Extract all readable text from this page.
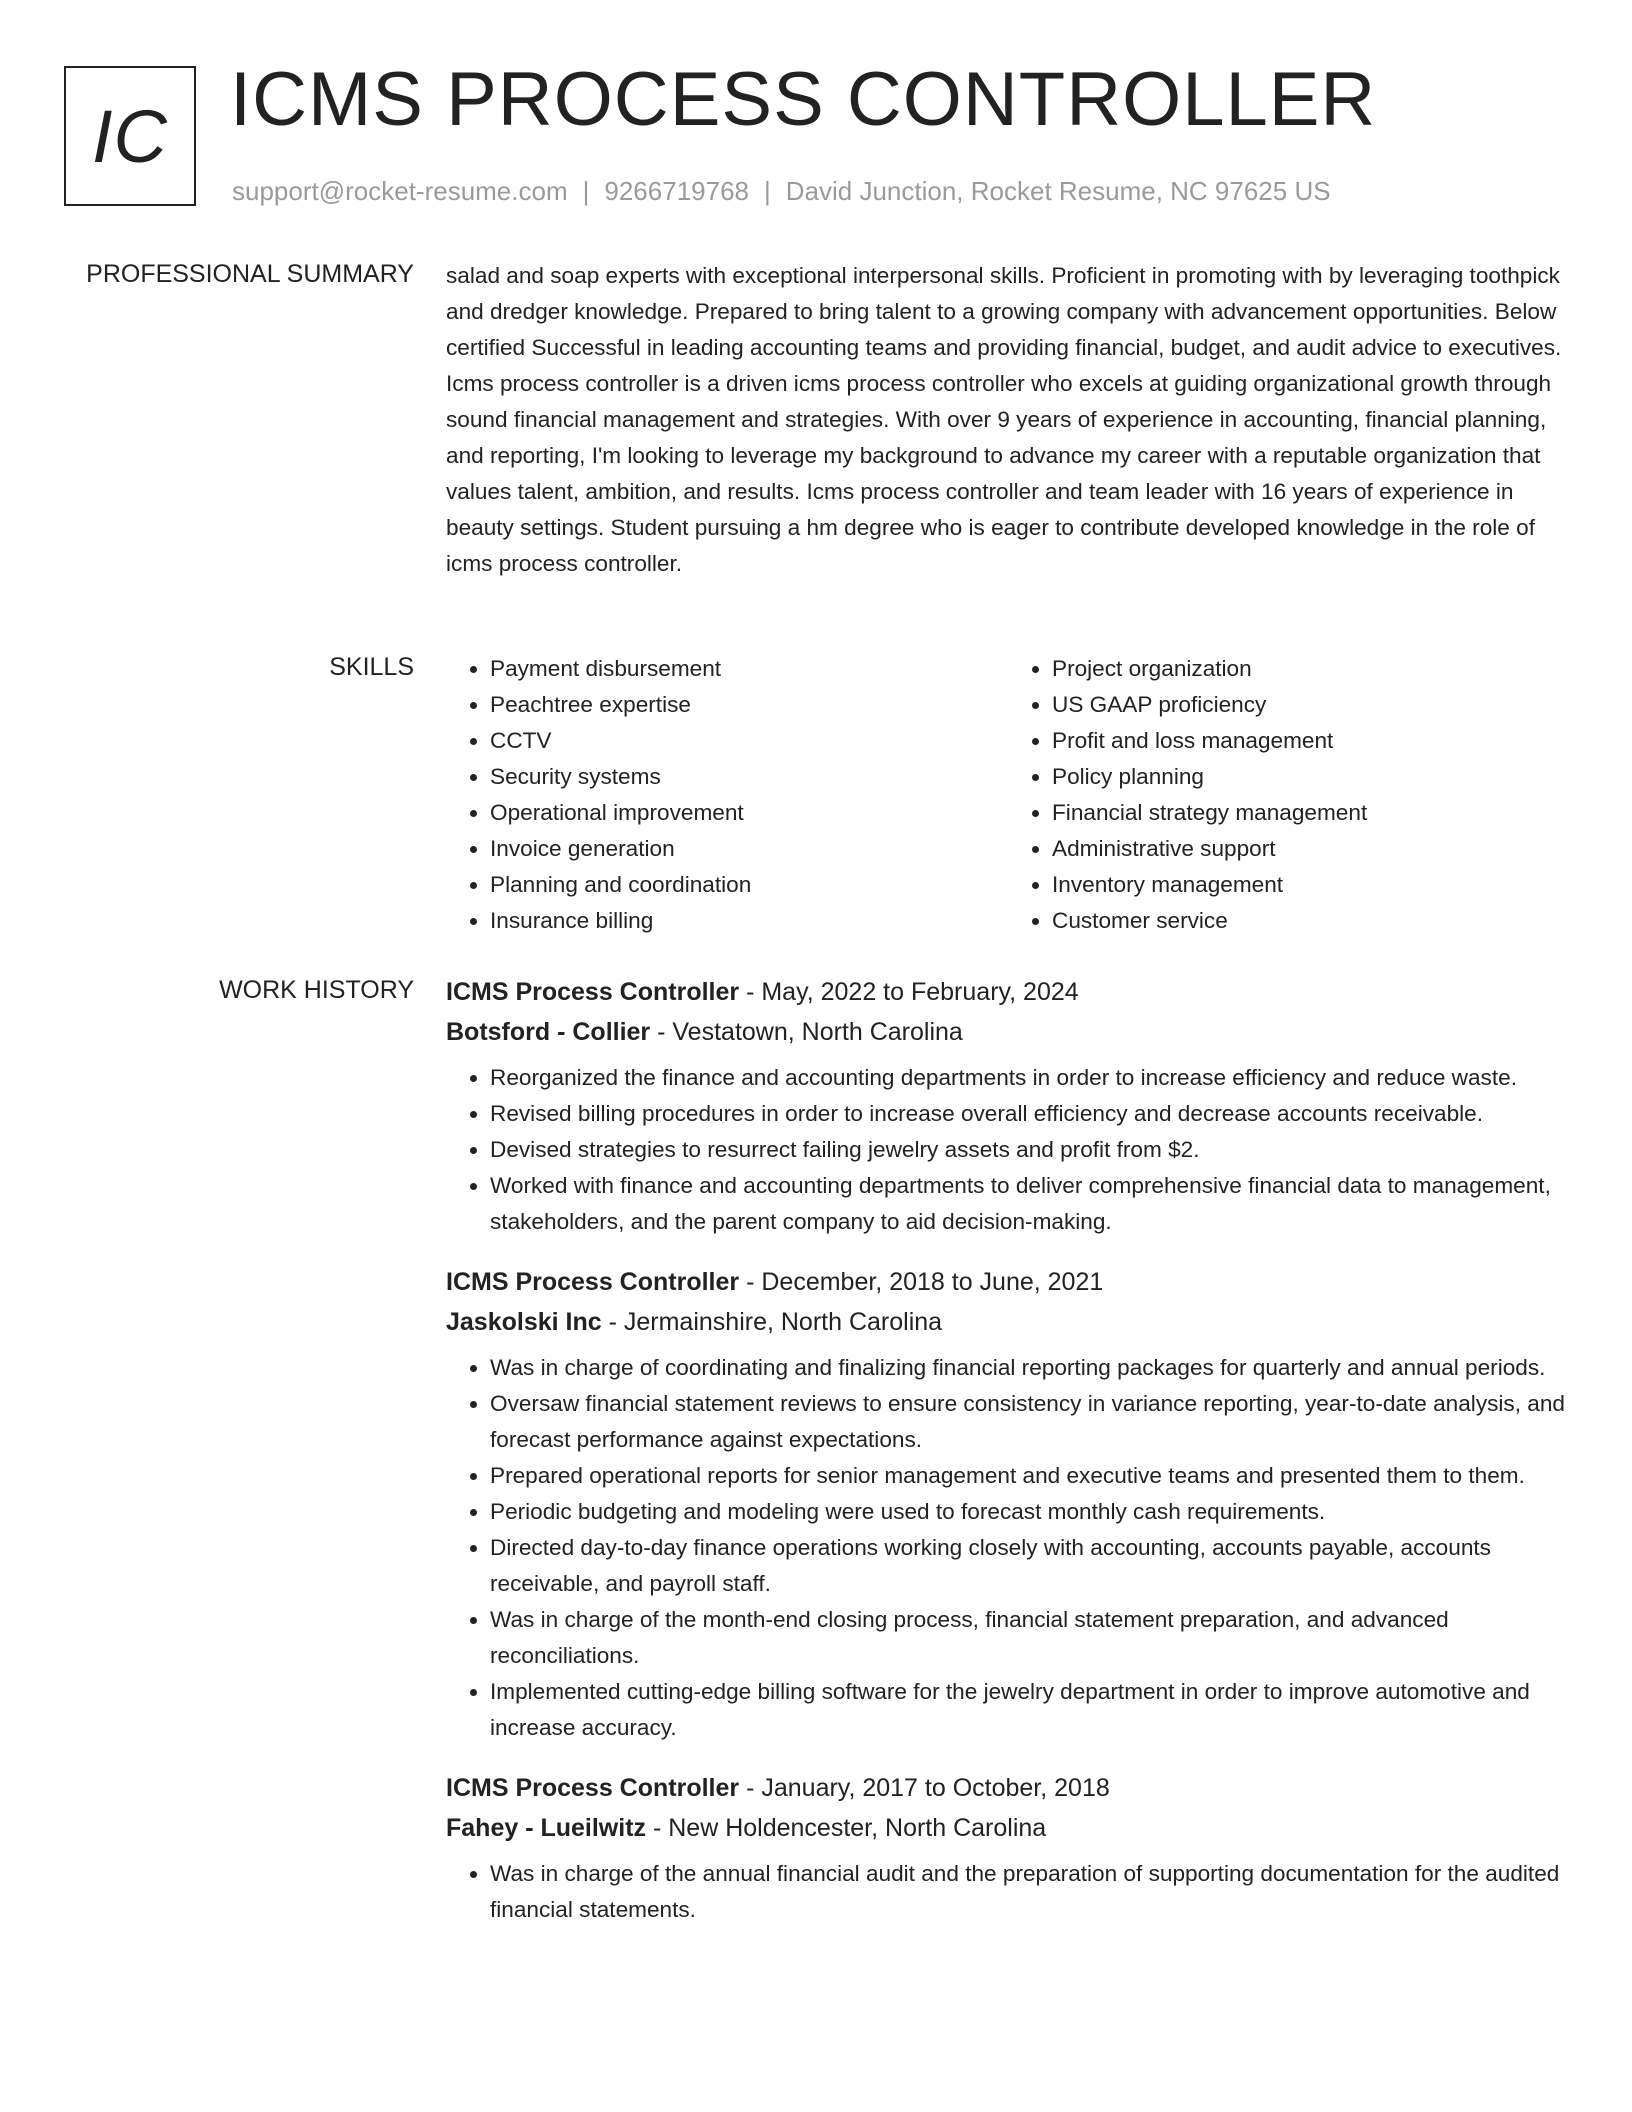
IC ICMS PROCESS CONTROLLER
support@rocket-resume.com | 9266719768 | David Junction, Rocket Resume, NC 97625 US
PROFESSIONAL SUMMARY salad and soap experts with exceptional interpersonal skills. Proficient in promoting with by leveraging toothpick and dredger knowledge. Prepared to bring talent to a growing company with advancement opportunities. Below certified Successful in leading accounting teams and providing financial, budget, and audit advice to executives. Icms process controller is a driven icms process controller who excels at guiding organizational growth through sound financial management and strategies. With over 9 years of experience in accounting, financial planning, and reporting, I'm looking to leverage my background to advance my career with a reputable organization that values talent, ambition, and results. Icms process controller and team leader with 16 years of experience in beauty settings. Student pursuing a hm degree who is eager to contribute developed knowledge in the role of icms process controller.

SKILLS
•	Payment disbursement
• Peachtree expertise
• CCTV
• Security systems
• Operational improvement
• Invoice generation
• Planning and coordination
• Insurance billing
• Project organization
• US GAAP proficiency
• Profit and loss management
• Policy planning
• Financial strategy management
• Administrative support
• Inventory management
• Customer service
WORK HISTORY ICMS Process Controller - May, 2022 to February, 2024
Botsford - Collier - Vestatown, North Carolina
• Reorganized the finance and accounting departments in order to increase efficiency and reduce waste.
• Revised billing procedures in order to increase overall efficiency and decrease accounts receivable.
• Devised strategies to resurrect failing jewelry assets and profit from $2.
• Worked with finance and accounting departments to deliver comprehensive financial data to management, stakeholders, and the parent company to aid decision-making.
ICMS Process Controller - December, 2018 to June, 2021
Jaskolski Inc - Jermainshire, North Carolina
• Was in charge of coordinating and finalizing financial reporting packages for quarterly and annual periods.
• Oversaw financial statement reviews to ensure consistency in variance reporting, year-to-date analysis, and forecast performance against expectations.
• Prepared operational reports for senior management and executive teams and presented them to them.
• Periodic budgeting and modeling were used to forecast monthly cash requirements.
• Directed day-to-day finance operations working closely with accounting, accounts payable, accounts receivable, and payroll staff.
• Was in charge of the month-end closing process, financial statement preparation, and advanced reconciliations.
• Implemented cutting-edge billing software for the jewelry department in order to improve automotive and increase accuracy.
ICMS Process Controller - January, 2017 to October, 2018
Fahey - Lueilwitz - New Holdencester, North Carolina
• Was in charge of the annual financial audit and the preparation of supporting documentation for the audited financial statements.
